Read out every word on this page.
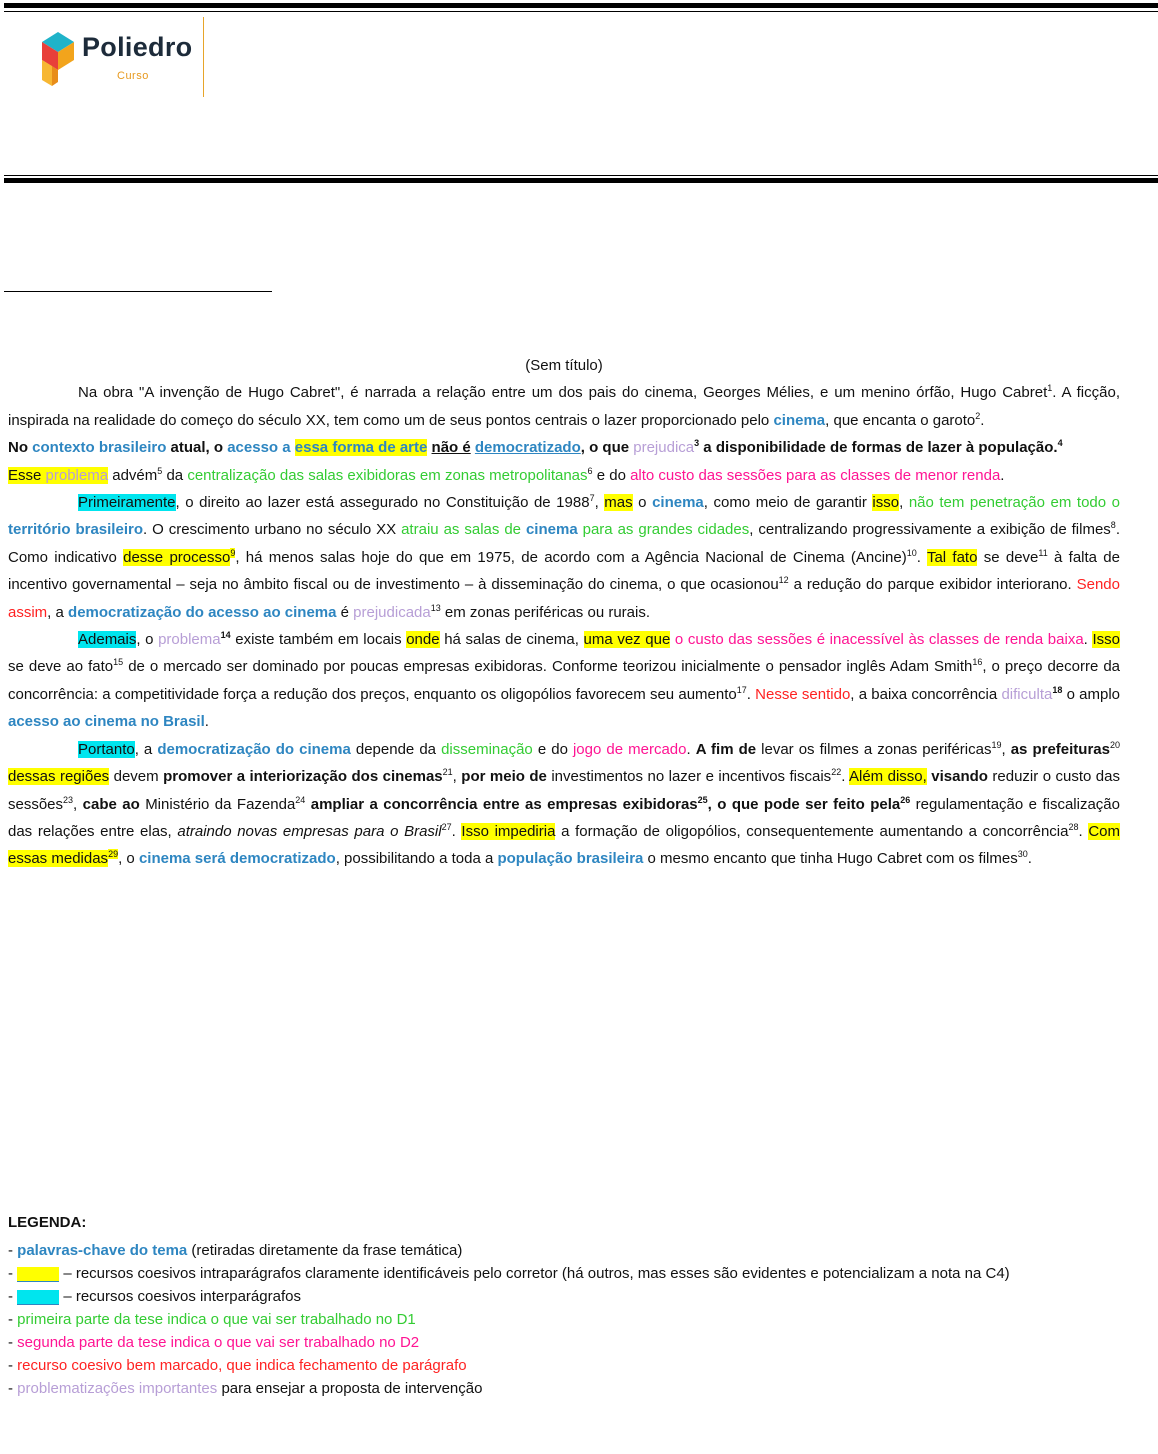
Poliedro
Curso

(Sem título)

Na obra "A invenção de Hugo Cabret", é narrada a relação entre um dos pais do cinema, Georges Mélies, e um menino órfão, Hugo Cabret$^1$. A ficção, inspirada na realidade do começo do século XX, tem como um de seus pontos centrais o lazer proporcionado pelo cinema, que encanta o garoto$^2$.
No contexto brasileiro atual, o acesso a essa forma de arte não é democratizado, o que prejudica$^3$ a disponibilidade de formas de lazer à população.$^4$
Esse problema advém$^5$ da centralização das salas exibidoras em zonas metropolitanas$^6$ e do alto custo das sessões para as classes de menor renda.

Primeiramente, o direito ao lazer está assegurado no Constituição de 1988$^7$, mas o cinema, como meio de garantir isso, não tem penetração em todo o território brasileiro. O crescimento urbano no século XX atraiu as salas de cinema para as grandes cidades, centralizando progressivamente a exibição de filmes$^8$. Como indicativo desse processo$^9$, há menos salas hoje do que em 1975, de acordo com a Agência Nacional de Cinema (Ancine)$^{10}$. Tal fato se deve$^{11}$ à falta de incentivo governamental – seja no âmbito fiscal ou de investimento – à disseminação do cinema, o que ocasionou$^{12}$ a redução do parque exibidor interiorano. Sendo assim, a democratização do acesso ao cinema é prejudicada$^{13}$ em zonas periféricas ou rurais.

Ademais, o problema$^{14}$ existe também em locais onde há salas de cinema, uma vez que o custo das sessões é inacessível às classes de renda baixa. Isso se deve ao fato$^{15}$ de o mercado ser dominado por poucas empresas exibidoras. Conforme teorizou inicialmente o pensador inglês Adam Smith$^{16}$, o preço decorre da concorrência: a competitividade força a redução dos preços, enquanto os oligopólios favorecem seu aumento$^{17}$. Nesse sentido, a baixa concorrência dificulta$^{18}$ o amplo acesso ao cinema no Brasil.

Portanto, a democratização do cinema depende da disseminação e do jogo de mercado. A fim de levar os filmes a zonas periféricas$^{19}$, as prefeituras$^{20}$ dessas regiões devem promover a interiorização dos cinemas$^{21}$, por meio de investimentos no lazer e incentivos fiscais$^{22}$. Além disso, visando reduzir o custo das sessões$^{23}$, cabe ao Ministério da Fazenda$^{24}$ ampliar a concorrência entre as empresas exibidoras$^{25}$, o que pode ser feito pela$^{26}$ regulamentação e fiscalização das relações entre elas, atraindo novas empresas para o Brasil$^{27}$. Isso impediria a formação de oligopólios, consequentemente aumentando a concorrência$^{28}$. Com essas medidas$^{29}$, o cinema será democratizado, possibilitando a toda a população brasileira o mesmo encanto que tinha Hugo Cabret com os filmes$^{30}$.

LEGENDA:
- palavras-chave do tema (retiradas diretamente da frase temática)
-	– recursos coesivos intraparágrafos claramente identificáveis pelo corretor (há outros, mas esses são evidentes e potencializam a nota na C4)
-	– recursos coesivos interparágrafos
- primeira parte da tese indica o que vai ser trabalhado no D1
- segunda parte da tese indica o que vai ser trabalhado no D2
- recurso coesivo bem marcado, que indica fechamento de parágrafo
- problematizações importantes para ensejar a proposta de intervenção
